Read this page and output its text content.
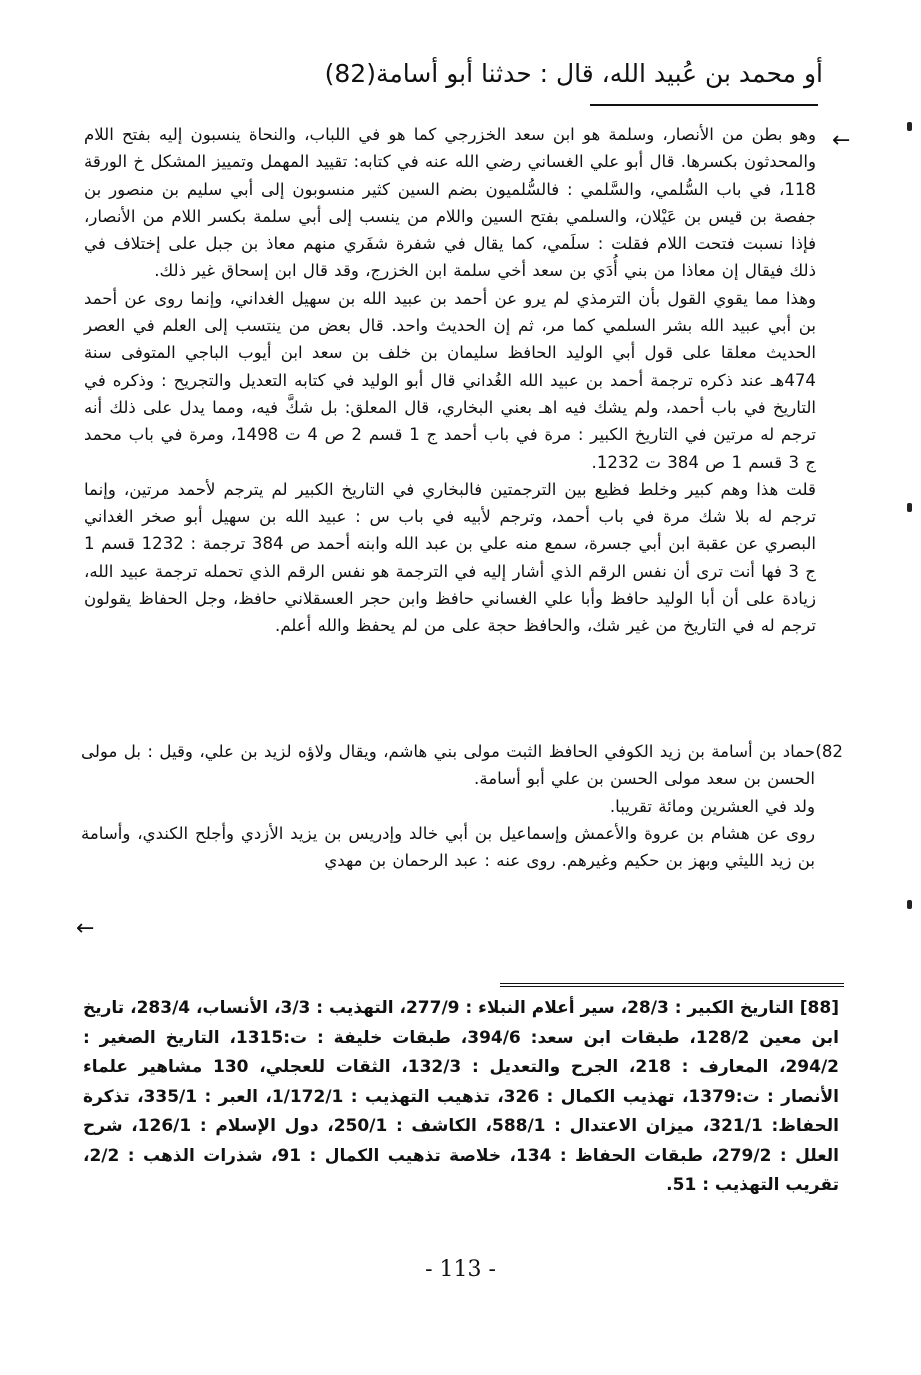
أو محمد بن عُبيد الله، قال : حدثنا أبو أسامة(82)
←

وهو بطن من الأنصار، وسلمة هو ابن سعد الخزرجي كما هو في اللباب، والنحاة ينسبون إليه بفتح اللام والمحدثون بكسرها. قال أبو علي الغساني رضي الله عنه في كتابه: تقييد المهمل وتمييز المشكل خ الورقة 118، في باب السُّلمي، والسَّلمي : فالسُّلميون بضم السين كثير منسوبون إلى أبي سليم بن منصور بن جفصة بن قيس بن عَيْلان، والسلمي بفتح السين واللام من ينسب إلى أبي سلمة بكسر اللام من الأنصار، فإذا نسبت فتحت اللام فقلت : سلَمي، كما يقال في شفرة شفَري منهم معاذ بن جبل على إختلاف في ذلك فيقال إن معاذا من بني أُدَي بن سعد أخي سلمة ابن الخزرج، وقد قال ابن إسحاق غير ذلك.

وهذا مما يقوي القول بأن الترمذي لم يرو عن أحمد بن عبيد الله بن سهيل الغداني، وإنما روى عن أحمد بن أبي عبيد الله بشر السلمي كما مر، ثم إن الحديث واحد. قال بعض من ينتسب إلى العلم في العصر الحديث معلقا على قول أبي الوليد الحافظ سليمان بن خلف بن سعد ابن أيوب الباجي المتوفى سنة 474هـ عند ذكره ترجمة أحمد بن عبيد الله الغُداني قال أبو الوليد في كتابه التعديل والتجريح : وذكره في التاريخ في باب أحمد، ولم يشك فيه اهـ بعني البخاري، قال المعلق: بل شكَّ فيه، ومما يدل على ذلك أنه ترجم له مرتين في التاريخ الكبير : مرة في باب أحمد ج 1 قسم 2 ص 4 ت 1498، ومرة في باب محمد ج 3 قسم 1 ص 384 ت 1232.

قلت هذا وهم كبير وخلط فظيع بين الترجمتين فالبخاري في التاريخ الكبير لم يترجم لأحمد مرتين، وإنما ترجم له بلا شك مرة في باب أحمد، وترجم لأبيه في باب س : عبيد الله بن سهيل أبو صخر الغداني البصري عن عقبة ابن أبي جسرة، سمع منه علي بن عبد الله وابنه أحمد ص 384 ترجمة : 1232 قسم 1 ج 3 فها أنت ترى أن نفس الرقم الذي أشار إليه في الترجمة هو نفس الرقم الذي تحمله ترجمة عبيد الله، زيادة على أن أبا الوليد حافظ وأبا علي الغساني حافظ وابن حجر العسقلاني حافظ، وجل الحفاظ يقولون ترجم له في التاريخ من غير شك، والحافظ حجة على من لم يحفظ والله أعلم.

82)

حماد بن أسامة بن زيد الكوفي الحافظ الثبت مولى بني هاشم، ويقال ولاؤه لزيد بن علي، وقيل : بل مولى الحسن بن سعد مولى الحسن بن علي أبو أسامة.

ولد في العشرين ومائة تقريبا.

روى عن هشام بن عروة والأعمش وإسماعيل بن أبي خالد وإدريس بن يزيد الأزدي وأجلح الكندي، وأسامة بن زيد الليثي وبهز بن حكيم وغيرهم. روى عنه : عبد الرحمان بن مهدي

←
[88] التاريخ الكبير : 28/3، سير أعلام النبلاء : 277/9، التهذيب : 3/3، الأنساب، 283/4، تاريخ ابن معين 128/2، طبقات ابن سعد: 394/6، طبقات خليفة : ت:1315، التاريخ الصغير : 294/2، المعارف : 218، الجرح والتعديل : 132/3، الثقات للعجلي، 130 مشاهير علماء الأنصار : ت:1379، تهذيب الكمال : 326، تذهيب التهذيب : 1/172/1، العبر : 335/1، تذكرة الحفاظ: 321/1، ميزان الاعتدال : 588/1، الكاشف : 250/1، دول الإسلام : 126/1، شرح العلل : 279/2، طبقات الحفاظ : 134، خلاصة تذهيب الكمال : 91، شذرات الذهب : 2/2، تقريب التهذيب : 51.
- 113 -
